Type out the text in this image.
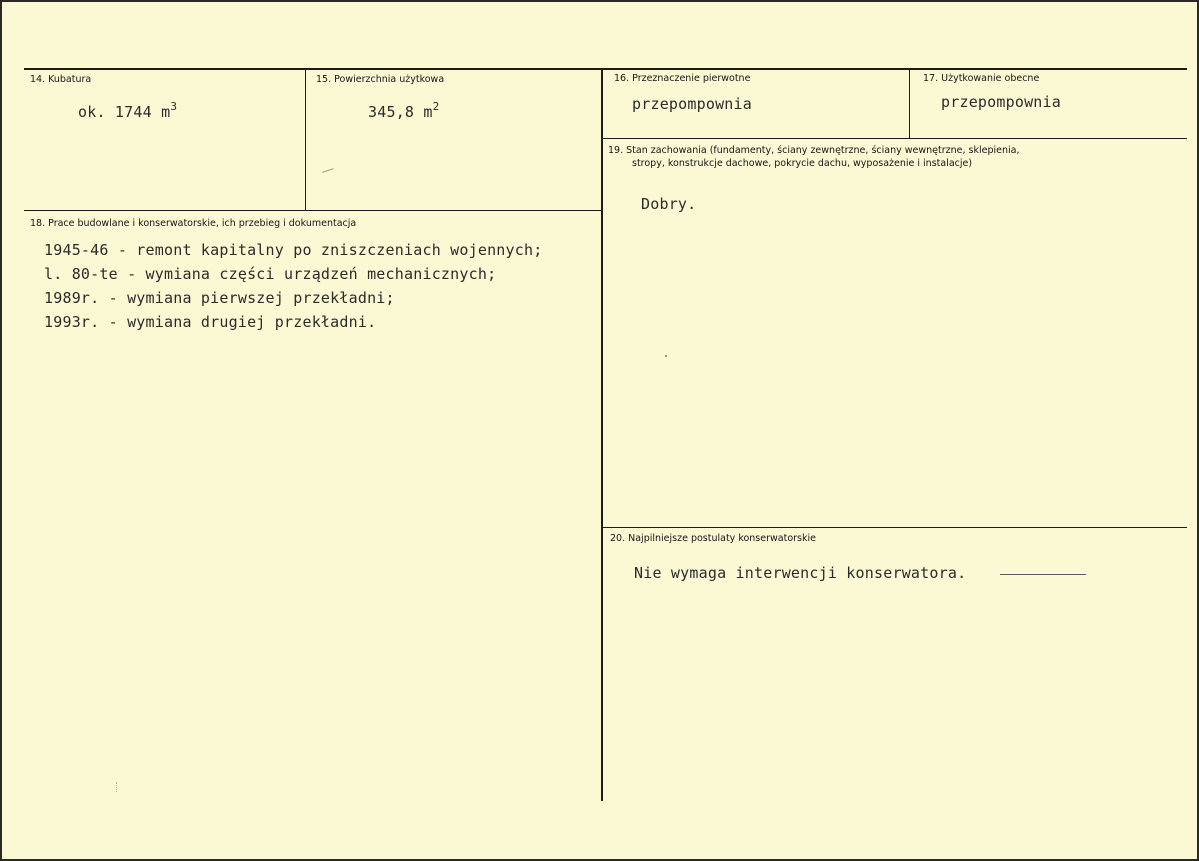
14. Kubatura
ok. 1744 $m^3$
15. Powierzchnia użytkowa
345,8 $m^2$
16. Przeznaczenie pierwotne
przepompownia
17. Użytkowanie obecne
przepompownia
18. Prace budowlane i konserwatorskie, ich przebieg i dokumentacja
1945-46 - remont kapitalny po zniszczeniach wojennych;
l. 80-te - wymiana części urządzeń mechanicznych;
1989r. - wymiana pierwszej przekładni;
1993r. - wymiana drugiej przekładni.
19. Stan zachowania (fundamenty, ściany zewnętrzne, ściany wewnętrzne, sklepienia,
stropy, konstrukcje dachowe, pokrycie dachu, wyposażenie i instalacje)
Dobry.
20. Najpilniejsze postulaty konserwatorskie
Nie wymaga interwencji konserwatora.
